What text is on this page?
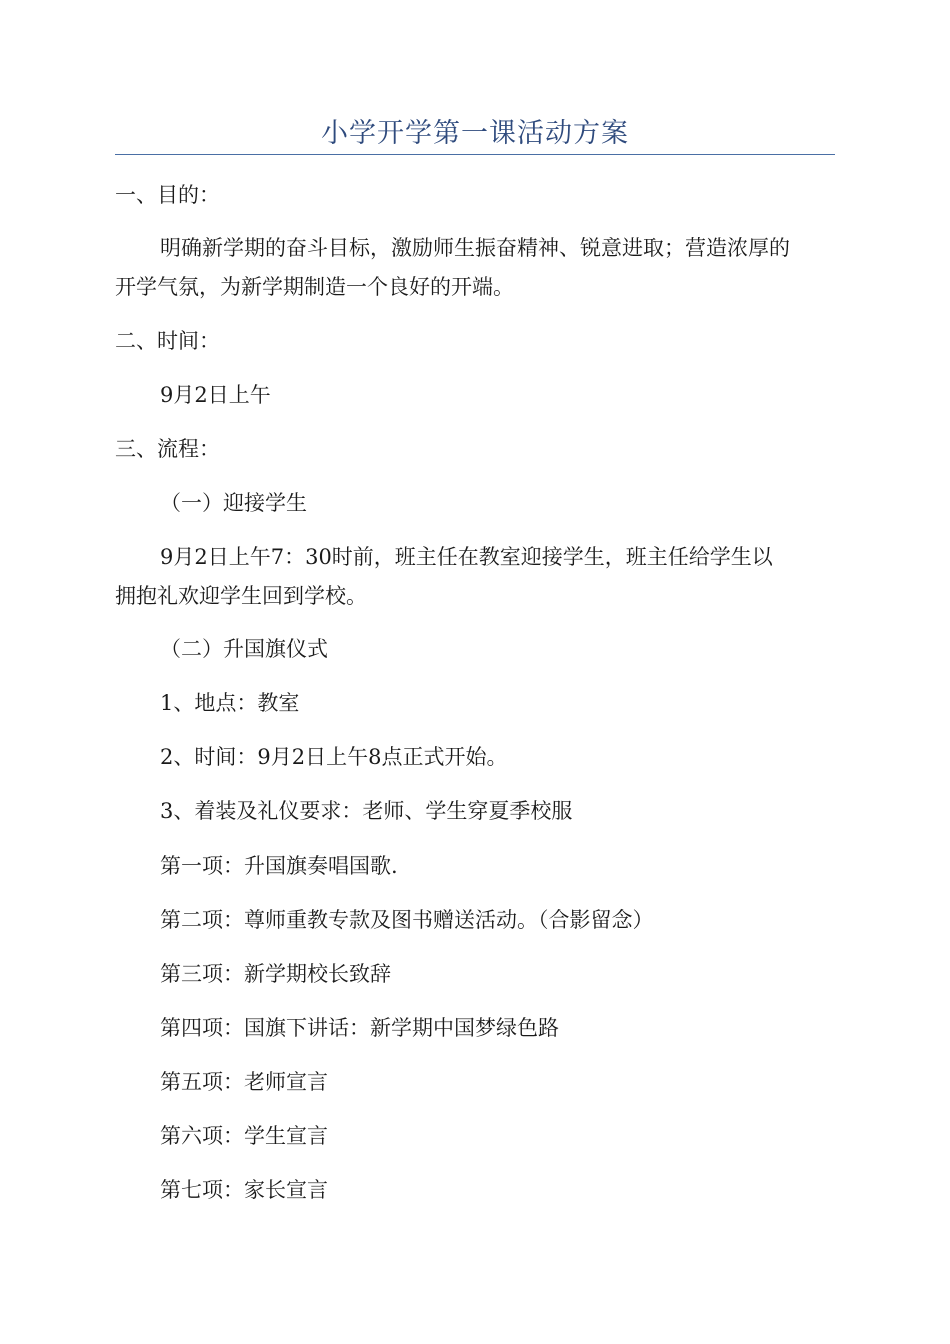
小学开学第一课活动方案
一、目的：
明确新学期的奋斗目标，激励师生振奋精神、锐意进取；营造浓厚的
开学气氛，为新学期制造一个良好的开端。
二、时间：
9月2日上午
三、流程：
（一）迎接学生
9月2日上午7：30时前，班主任在教室迎接学生，班主任给学生以
拥抱礼欢迎学生回到学校。
（二）升国旗仪式
1、地点：教室
2、时间：9月2日上午8点正式开始。
3、着装及礼仪要求：老师、学生穿夏季校服
第一项：升国旗奏唱国歌.
第二项：尊师重教专款及图书赠送活动。（合影留念）
第三项：新学期校长致辞
第四项：国旗下讲话：新学期中国梦绿色路
第五项：老师宣言
第六项：学生宣言
第七项：家长宣言
